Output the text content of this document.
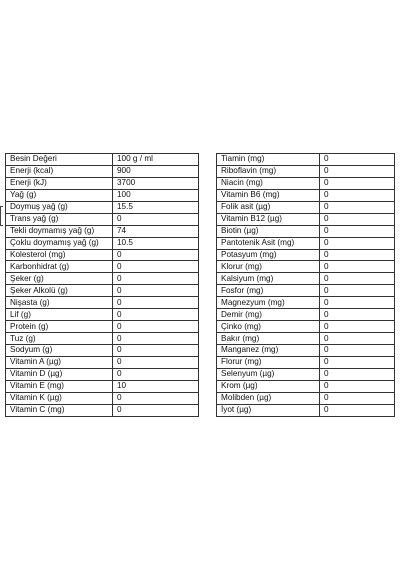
Besin Değeri	100 g / ml
Enerji (kcal)	900
Enerji (kJ)	3700
Yağ (g)	100
Doymuş yağ (g)	15.5
Trans yağ (g)	0
Tekli doymamış yağ (g)	74
Çoklu doymamış yağ (g)	10.5
Kolesterol (mg)	0
Karbonhidrat (g)	0
Şeker (g)	0
Şeker Alkolü (g)	0
Nişasta (g)	0
Lif (g)	0
Protein (g)	0
Tuz (g)	0
Sodyum (g)	0
Vitamin A (µg)	0
Vitamin D (µg)	0
Vitamin E (mg)	10
Vitamin K (µg)	0
Vitamin C (mg)	0
Tiamin (mg)	0
Riboflavin (mg)	0
Niacin (mg)	0
Vitamin B6 (mg)	0
Folik asit (µg)	0
Vitamin B12 (µg)	0
Biotin (µg)	0
Pantotenik Asit (mg)	0
Potasyum (mg)	0
Klorur (mg)	0
Kalsiyum (mg)	0
Fosfor (mg)	0
Magnezyum (mg)	0
Demir (mg)	0
Çinko (mg)	0
Bakır (mg)	0
Manganez (mg)	0
Florur (mg)	0
Selenyum (µg)	0
Krom (µg)	0
Molibden (µg)	0
İyot (µg)	0
